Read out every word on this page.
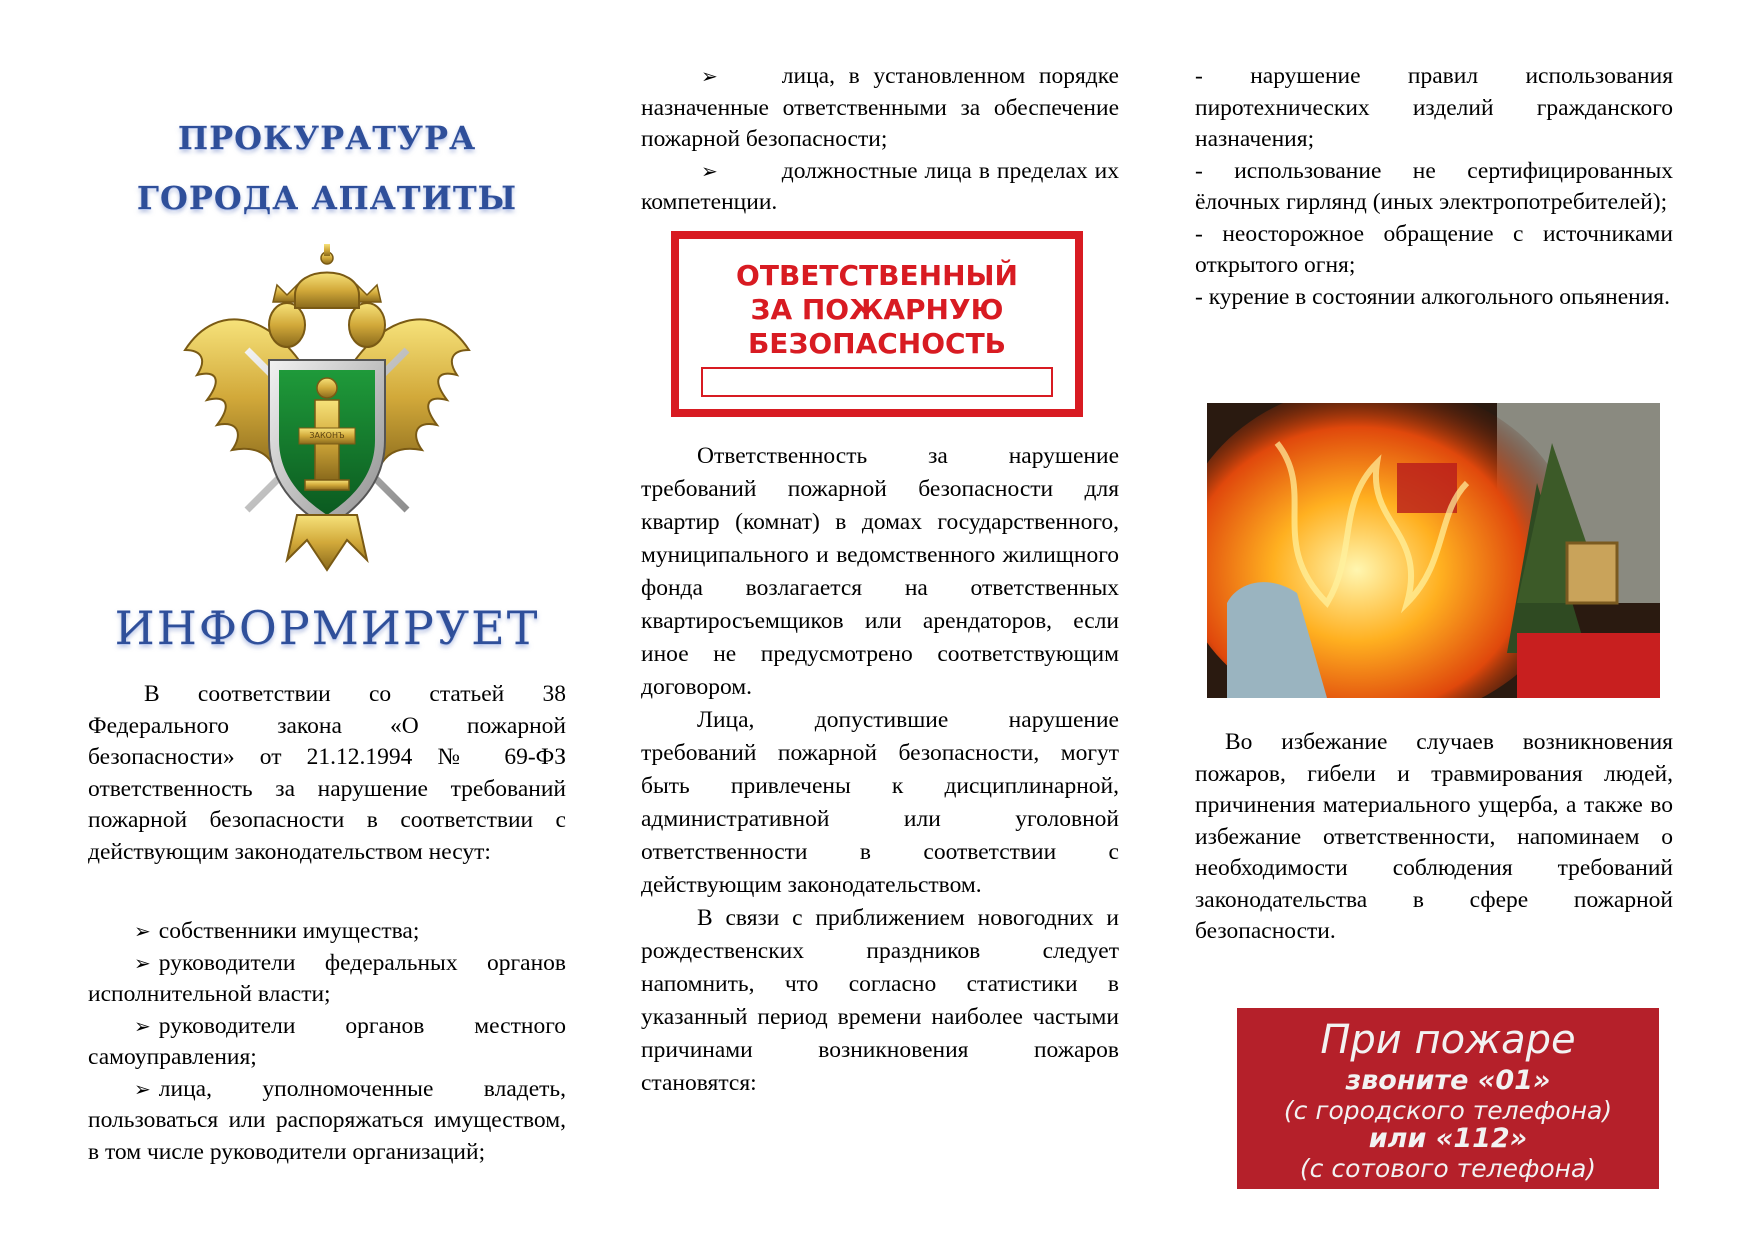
ПРОКУРАТУРА

ГОРОДА АПАТИТЫ

ЗАКОНЪ

ИНФОРМИРУЕТ

В соответствии со статьей 38 Федерального закона «О пожарной безопасности» от 21.12.1994 № 69-ФЗ ответственность за нарушение требований пожарной безопасности в соответствии с действующим законодательством несут:

➢ собственники имущества;

➢ руководители федеральных органов исполнительной власти;

➢ руководители органов местного самоуправления;

➢ лица, уполномоченные владеть, пользоваться или распоряжаться имуществом, в том числе руководители организаций;

➢	лица, в установленном порядке назначенные ответственными за обеспечение пожарной безопасности;

➢	должностные лица в пределах их компетенции.

ОТВЕТСТВЕННЫЙ
ЗА ПОЖАРНУЮ
БЕЗОПАСНОСТЬ

Ответственность за нарушение требований пожарной безопасности для квартир (комнат) в домах государственного, муниципального и ведомственного жилищного фонда возлагается на ответственных квартиросъемщиков или арендаторов, если иное не предусмотрено соответствующим договором.

Лица, допустившие нарушение требований пожарной безопасности, могут быть привлечены к дисциплинарной, административной или уголовной ответственности в соответствии с действующим законодательством.

В связи с приближением новогодних и рождественских праздников следует напомнить, что согласно статистики в указанный период времени наиболее частыми причинами возникновения пожаров становятся:

- нарушение правил использования пиротехнических изделий гражданского назначения;

- использование не сертифицированных ёлочных гирлянд (иных электропотребителей);

- неосторожное обращение с источниками открытого огня;

- курение в состоянии алкогольного опьянения.

Во избежание случаев возникновения пожаров, гибели и травмирования людей, причинения материального ущерба, а также во избежание ответственности, напоминаем о необходимости соблюдения требований законодательства в сфере пожарной безопасности.

При пожаре
звоните «01»
(с городского телефона)
или «112»
(с сотового телефона)
